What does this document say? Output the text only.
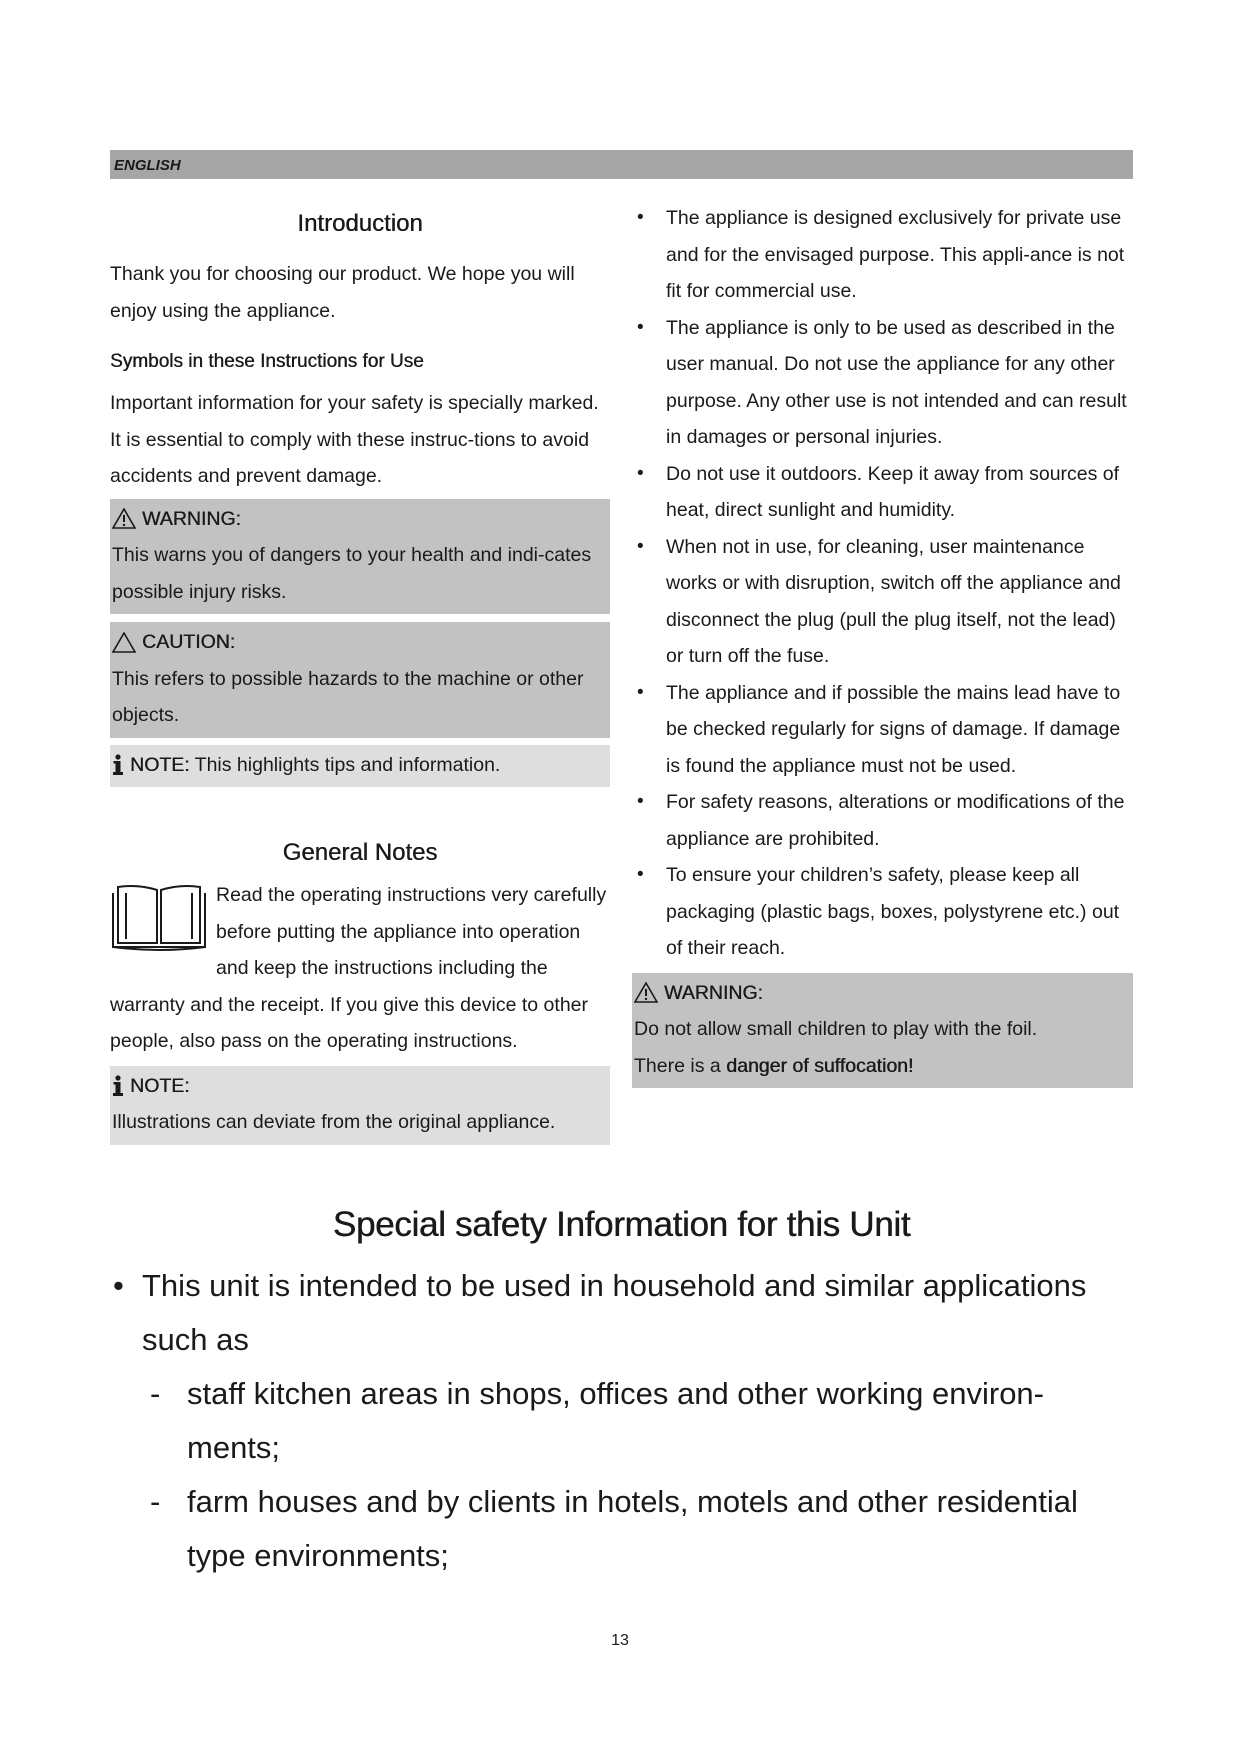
ENGLISH
Introduction

Thank you for choosing our product. We hope you will enjoy using the appliance.

Symbols in these Instructions for Use

Important information for your safety is specially marked. It is essential to comply with these instruc-tions to avoid accidents and prevent damage.

WARNING:
This warns you of dangers to your health and indi-cates possible injury risks.
CAUTION:
This refers to possible hazards to the machine or other objects.
NOTE: This highlights tips and information.
General Notes

Read the operating instructions very carefully before putting the appliance into operation and keep the instructions including the warranty and the receipt. If you give this device to other people, also pass on the operating instructions.

NOTE:
Illustrations can deviate from the original appliance.
• The appliance is designed exclusively for private use and for the envisaged purpose. This appli-ance is not fit for commercial use.
• The appliance is only to be used as described in the user manual. Do not use the appliance for any other purpose. Any other use is not intended and can result in damages or personal injuries.
• Do not use it outdoors. Keep it away from sources of heat, direct sunlight and humidity.
• When not in use, for cleaning, user maintenance works or with disruption, switch off the appliance and disconnect the plug (pull the plug itself, not the lead) or turn off the fuse.
• The appliance and if possible the mains lead have to be checked regularly for signs of damage. If damage is found the appliance must not be used.
• For safety reasons, alterations or modifications of the appliance are prohibited.
• To ensure your children’s safety, please keep all packaging (plastic bags, boxes, polystyrene etc.) out of their reach.
WARNING:
Do not allow small children to play with the foil.
There is a danger of suffocation!
Special safety Information for this Unit
• This unit is intended to be used in household and similar applications such as
- staff kitchen areas in shops, offices and other working environ-ments;
- farm houses and by clients in hotels, motels and other residential type environments;
13
